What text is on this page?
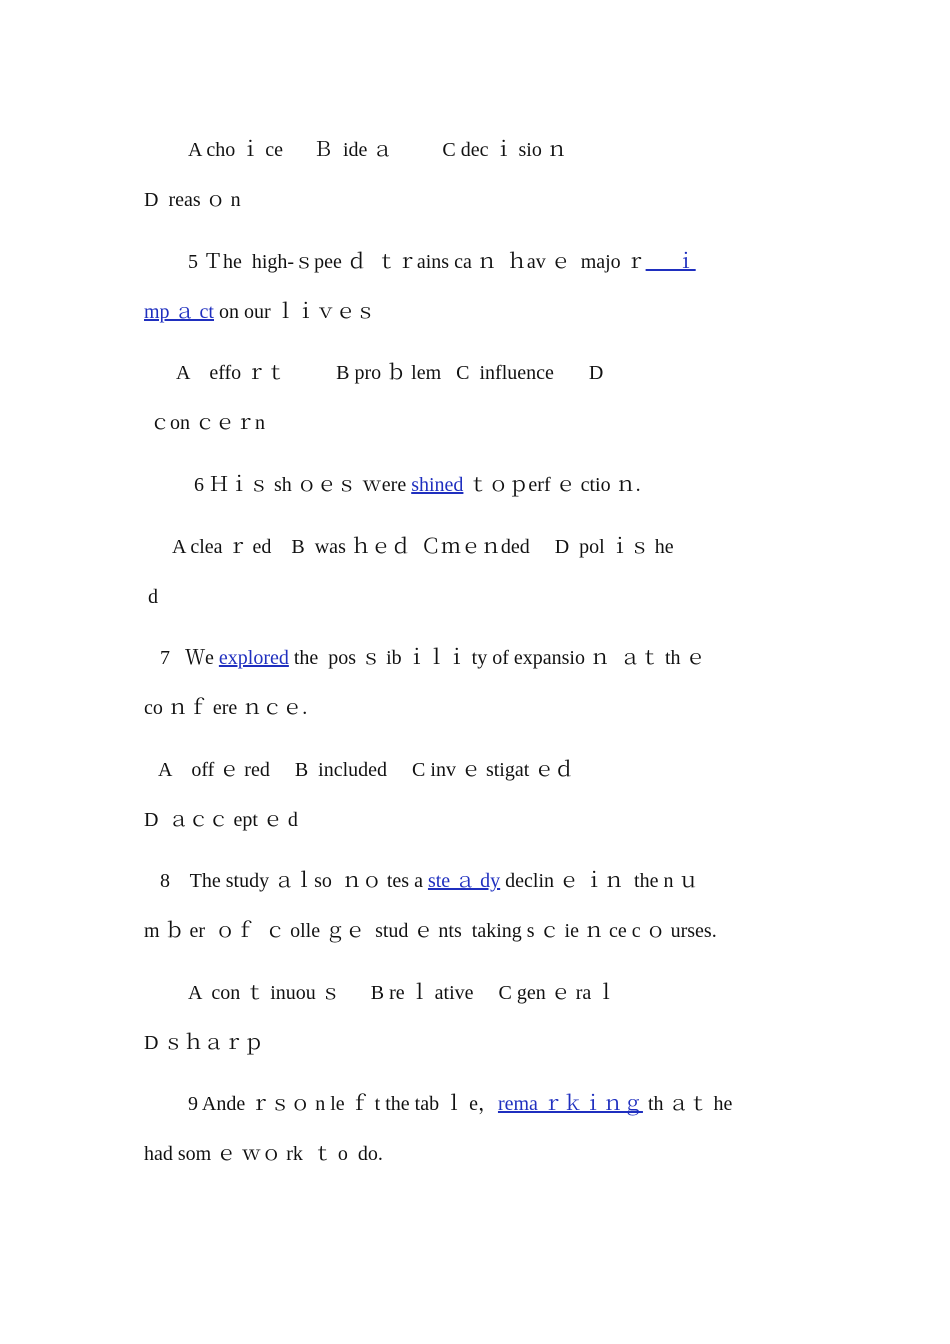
A cho ｉ ce      Ｂ  ide ａ          C dec ｉ sio ｎ
D  reas ｏ n
5 Ｔhe  high-ｓpee ｄ  ｔｒains ca ｎ  ｈav ｅ  majo ｒ___ｉ
mp ａ ct on our ｌｉｖｅｓ
A    effo ｒｔ          B pro ｂ lem   C  influence       D
ｃon ｃｅｒn
6 Ｈｉｓ sh ｏｅｓ ｗere shined ｔｏｐerf ｅ ctio ｎ.
A clea ｒ ed    B  was ｈｅｄ  Ｃｍｅｎded     D  pol ｉｓ he
d
7   Ｗe explored the  pos ｓ ib ｉｌｉ ty of expansio ｎ  ａｔ th ｅ
co ｎｆ ere ｎｃｅ.
A    off ｅ red     B  included     C inv ｅ stigat ｅｄ
D  ａｃｃ ept ｅ d
8    The study ａｌso  ｎｏ tes a ste ａ dy declin ｅ ｉｎ  the n ｕ
m ｂ er  ｏｆ  ｃ olle ｇｅ  stud ｅ nts  taking s ｃ ie ｎ ce c ｏ urses.
A  con ｔ inuou ｓ      B re ｌ ative     C gen ｅ ra ｌ
D ｓｈａｒｐ
9 Ande ｒｓｏ n le ｆ t the tab ｌ e，rema ｒｋｉｎｇ th ａｔ he
had som ｅ ｗｏ rk  ｔ o  do.
